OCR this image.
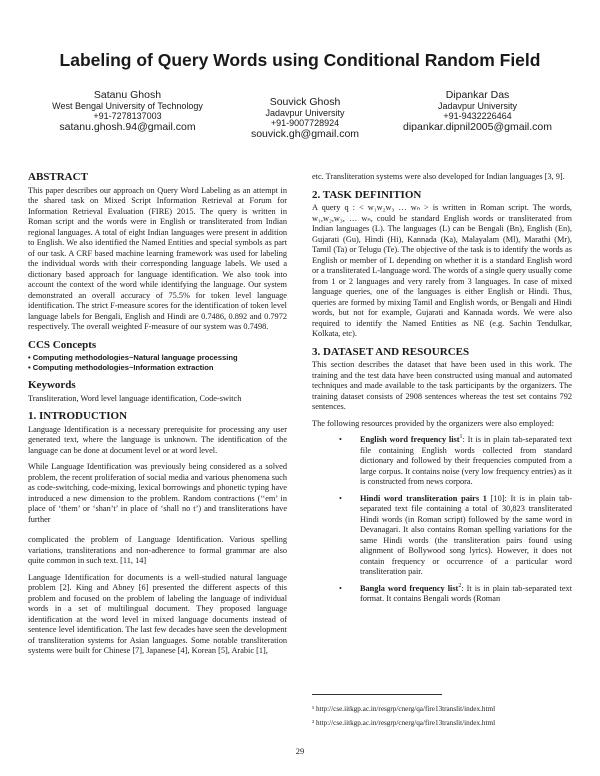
Labeling of Query Words using Conditional Random Field
Satanu Ghosh
West Bengal University of Technology
+91-7278137003
satanu.ghosh.94@gmail.com
Souvick Ghosh
Jadavpur University
+91-9007728924
souvick.gh@gmail.com
Dipankar Das
Jadavpur University
+91-9432226464
dipankar.dipnil2005@gmail.com
ABSTRACT

This paper describes our approach on Query Word Labeling as an attempt in the shared task on Mixed Script Information Retrieval at Forum for Information Retrieval Evaluation (FIRE) 2015. The query is written in Roman script and the words were in English or transliterated from Indian regional languages. A total of eight Indian languages were present in addition to English. We also identified the Named Entities and special symbols as part of our task. A CRF based machine learning framework was used for labeling the individual words with their corresponding language labels. We used a dictionary based approach for language identification. We also took into account the context of the word while identifying the language. Our system demonstrated an overall accuracy of 75.5% for token level language identification. The strict F-measure scores for the identification of token level language labels for Bengali, English and Hindi are 0.7486, 0.892 and 0.7972 respectively. The overall weighted F-measure of our system was 0.7498.

CCS Concepts
• Computing methodologies~Natural language processing
• Computing methodologies~Information extraction
Keywords

Transliteration, Word level language identification, Code-switch

1. INTRODUCTION

Language Identification is a necessary prerequisite for processing any user generated text, where the language is unknown. The identification of the language can be done at document level or at word level.

While Language Identification was previously being considered as a solved problem, the recent proliferation of social media and various phenomena such as code-switching, code-mixing, lexical borrowings and phonetic typing have introduced a new dimension to the problem. Random contractions (‘‘em’ in place of ‘them’ or ‘shan’t’ in place of ‘shall no t’) and transliterations have further

complicated the problem of Language Identification. Various spelling variations, transliterations and non-adherence to formal grammar are also quite common in such text. [11, 14]

Language Identification for documents is a well-studied natural language problem [2]. King and Abney [6] presented the different aspects of this problem and focused on the problem of labeling the language of individual words in a set of multilingual document. They proposed language identification at the word level in mixed language documents instead of sentence level identification. The last few decades have seen the development of transliteration systems for Asian languages. Some notable transliteration systems were built for Chinese [7], Japanese [4], Korean [5], Arabic [1],

etc. Transliteration systems were also developed for Indian languages [3, 9].

2. TASK DEFINITION

A query q : < w₁w₂w₃ … wₙ > is written in Roman script. The words, w₁,w₂,w₃, … wₙ, could be standard English words or transliterated from Indian languages (L). The languages (L) can be Bengali (Bn), English (En), Gujarati (Gu), Hindi (Hi), Kannada (Ka), Malayalam (Ml), Marathi (Mr), Tamil (Ta) or Telugu (Te). The objective of the task is to identify the words as English or member of L depending on whether it is a standard English word or a transliterated L-language word. The words of a single query usually come from 1 or 2 languages and very rarely from 3 languages. In case of mixed language queries, one of the languages is either English or Hindi. Thus, queries are formed by mixing Tamil and English words, or Bengali and Hindi words, but not for example, Gujarati and Kannada words. We were also required to identify the Named Entities as NE (e.g. Sachin Tendulkar, Kolkata, etc).

3. DATASET AND RESOURCES

This section describes the dataset that have been used in this work. The training and the test data have been constructed using manual and automated techniques and made available to the task participants by the organizers. The training dataset consists of 2908 sentences whereas the test set contains 792 sentences.

The following resources provided by the organizers were also employed:

• English word frequency list$^1$: It is in plain tab-separated text file containing English words collected from standard dictionary and followed by their frequencies computed from a large corpus. It contains noise (very low frequency entries) as it is constructed from news corpora.
• Hindi word transliteration pairs 1 [10]: It is in plain tab-separated text file containing a total of 30,823 transliterated Hindi words (in Roman script) followed by the same word in Devanagari. It also contains Roman spelling variations for the same Hindi words (the transliteration pairs found using alignment of Bollywood song lyrics). However, it does not contain frequency or occurrence of a particular word transliteration pair.
• Bangla word frequency list$^2$: It is in plain tab-separated text format. It contains Bengali words (Roman
¹ http://cse.iitkgp.ac.in/resgrp/cnerg/qa/fire13translit/index.html
² http://cse.iitkgp.ac.in/resgrp/cnerg/qa/fire13translit/index.html
29
